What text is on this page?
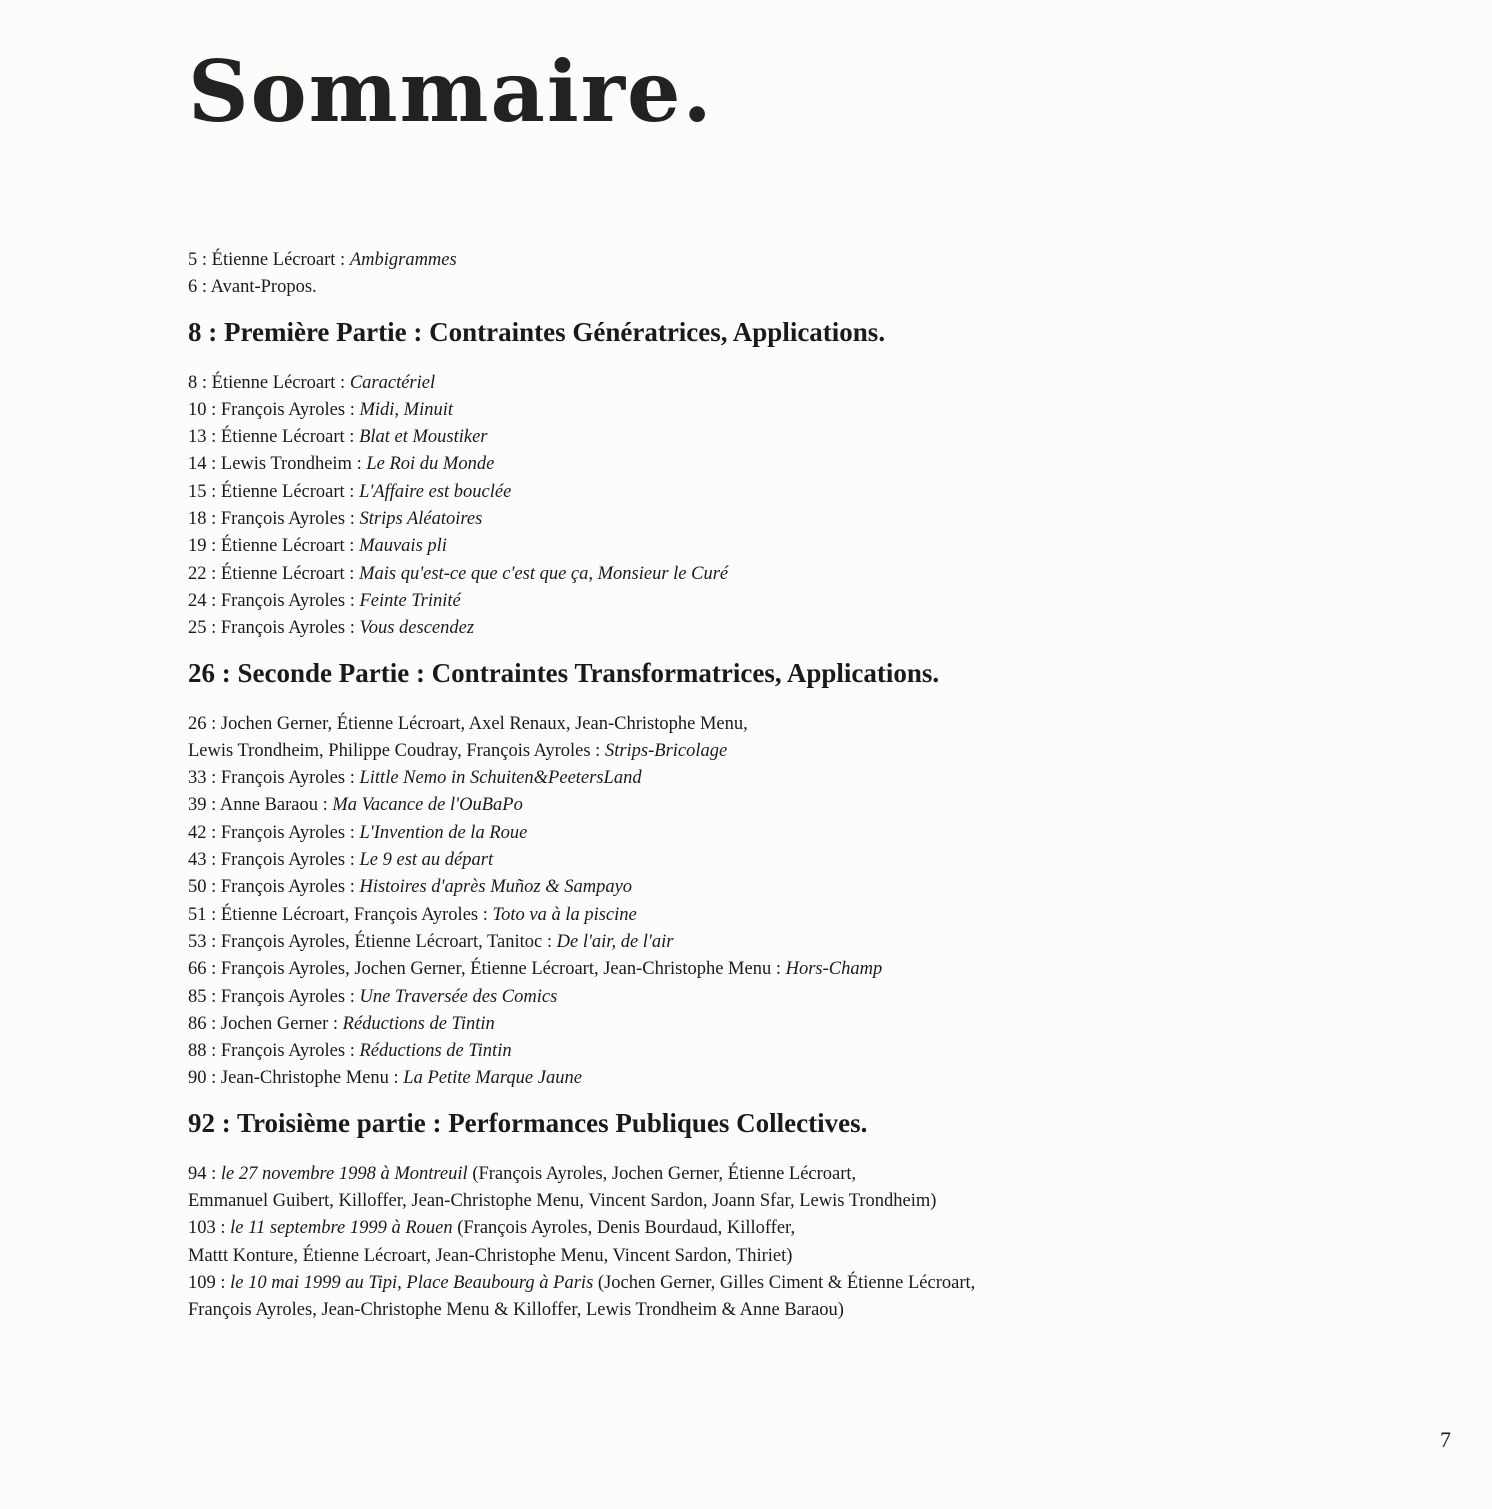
Sommaire.
5 : Étienne Lécroart : Ambigrammes
6 : Avant-Propos.
8 : Première Partie : Contraintes Génératrices, Applications.
8 : Étienne Lécroart : Caractériel
10 : François Ayroles : Midi, Minuit
13 : Étienne Lécroart : Blat et Moustiker
14 : Lewis Trondheim : Le Roi du Monde
15 : Étienne Lécroart : L'Affaire est bouclée
18 : François Ayroles : Strips Aléatoires
19 : Étienne Lécroart : Mauvais pli
22 : Étienne Lécroart : Mais qu'est-ce que c'est que ça, Monsieur le Curé
24 : François Ayroles : Feinte Trinité
25 : François Ayroles : Vous descendez
26 : Seconde Partie : Contraintes Transformatrices, Applications.
26 : Jochen Gerner, Étienne Lécroart, Axel Renaux, Jean-Christophe Menu,
Lewis Trondheim, Philippe Coudray, François Ayroles : Strips-Bricolage
33 : François Ayroles : Little Nemo in Schuiten&PeetersLand
39 : Anne Baraou : Ma Vacance de l'OuBaPo
42 : François Ayroles : L'Invention de la Roue
43 : François Ayroles : Le 9 est au départ
50 : François Ayroles : Histoires d'après Muñoz & Sampayo
51 : Étienne Lécroart, François Ayroles : Toto va à la piscine
53 : François Ayroles, Étienne Lécroart, Tanitoc : De l'air, de l'air
66 : François Ayroles, Jochen Gerner, Étienne Lécroart, Jean-Christophe Menu : Hors-Champ
85 : François Ayroles : Une Traversée des Comics
86 : Jochen Gerner : Réductions de Tintin
88 : François Ayroles : Réductions de Tintin
90 : Jean-Christophe Menu : La Petite Marque Jaune
92 : Troisième partie : Performances Publiques Collectives.
94 : le 27 novembre 1998 à Montreuil (François Ayroles, Jochen Gerner, Étienne Lécroart,
Emmanuel Guibert, Killoffer, Jean-Christophe Menu, Vincent Sardon, Joann Sfar, Lewis Trondheim)
103 : le 11 septembre 1999 à Rouen (François Ayroles, Denis Bourdaud, Killoffer,
Mattt Konture, Étienne Lécroart, Jean-Christophe Menu, Vincent Sardon, Thiriet)
109 : le 10 mai 1999 au Tipi, Place Beaubourg à Paris (Jochen Gerner, Gilles Ciment & Étienne Lécroart,
François Ayroles, Jean-Christophe Menu & Killoffer, Lewis Trondheim & Anne Baraou)
7
